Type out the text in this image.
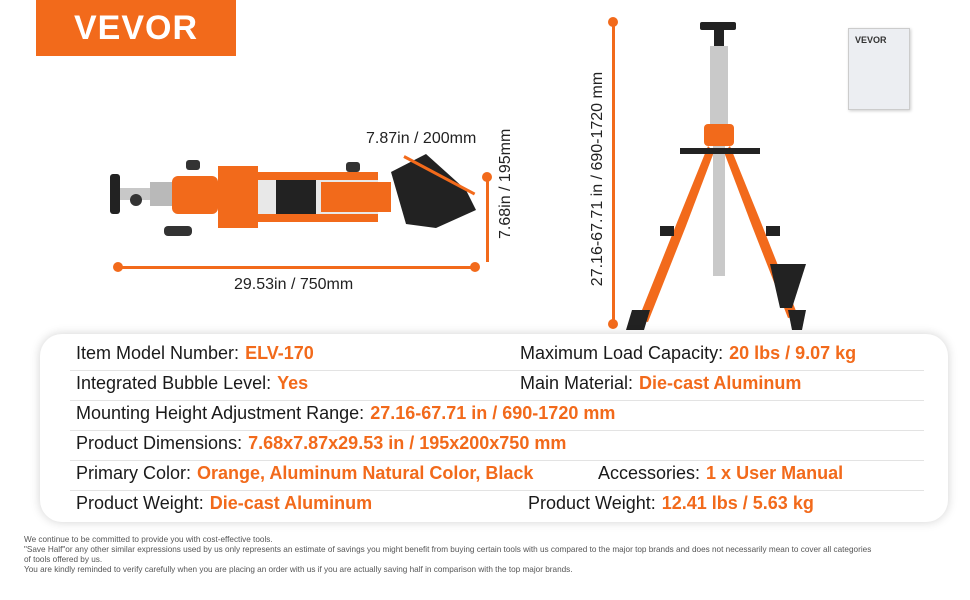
VEVOR
29.53in / 750mm
7.87in / 200mm 7.68in / 195mm	27.16-67.71 in / 690-1720 mm
VEVOR
Item Model Number: ELV-170	Maximum Load Capacity: 20 lbs / 9.07 kg
Integrated Bubble Level: Yes	Main Material: Die-cast Aluminum
Mounting Height Adjustment Range: 27.16-67.71 in / 690-1720 mm
Product Dimensions: 7.68x7.87x29.53 in / 195x200x750 mm
Primary Color: Orange, Aluminum Natural Color, Black	Accessories: 1 x User Manual
Product Weight: Die-cast Aluminum	Product Weight: 12.41 lbs / 5.63 kg
We continue to be committed to provide you with cost-effective tools.
"Save Half"or any other similar expressions used by us only represents an estimate of savings you might benefit from buying certain tools with us compared to the major top brands and does not necessarily mean to cover all categories
of tools offered by us.
You are kindly reminded to verify carefully when you are placing an order with us if you are actually saving half in comparison with the top major brands.
